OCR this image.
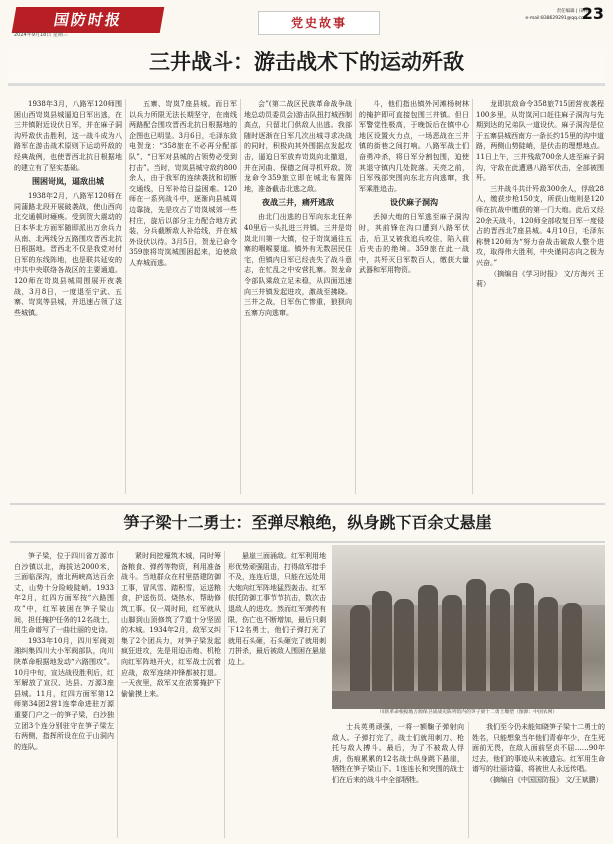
国防时报
2024年9月18日 星期三
党史故事
责任编辑 | 田林
e-mail:838629291@qq.com
23
三井战斗：游击战术下的运动歼敌

1938年3月，八路军120师围困山西岢岚县城逼迫日军出逃，在三井镇附近设伏日军，并在麻子洞沟歼敌伏击胜利，这一战斗成为八路军在游击战术原则下运动歼敌的经典战例，也使晋西北抗日根据地的建立有了坚实基础。

围困岢岚，逼敌出城

1938年2月，八路军120师在同蒲路北段开展破袭战，使山西向北交通顿时瘫痪。受到贺大震动的日本华北方面军随即派出万余兵力从南、北两线分五路围攻晋西北抗日根据地。晋西北不仅是我党对付日军的东线阵地，也是联共延安的中共中央联络各战区的主要通道。120师在岢岚县城周围展开夜袭战，3月8日，一度退至宁武、五寨、岢岚等县城，并迅速占领了这些城镇。

五寨、岢岚7座县城。而日军以兵力所限无法长期坚守，在南线两路配合围攻晋西北抗日根据地的企图也已明显。3月6日，毛泽东致电贺龙：“358旅在不必再分配部队”、“日军对县城的占领势必受到打击”。当时，岢岚县城守敌约800余人，由于我军的连续袭扰和切断交通线，日军补给日益困难。120师在一系列战斗中，逐渐向县城周边靠拢，先是攻占了岢岚城郊一些村庄，旋后以部分主力配合地方武装，分兵截断敌人补给线，并在城外设伏以待。3月5日，贺龙已命令359旅将岢岚城围困起来，迫使敌人弃城而逃。

会”(第二战区民族革命战争战地总动员委员会)游击队扭打城西制高点，只留北门供敌人出逃。我部随时逐渐在日军几次出城寻求决战的同时，积极向其外围据点发起攻击，逼迫日军放弃岢岚向北撤退，并在河曲、保德之间寻机歼敌。贺龙命令359旅立即在城北布置阵地，准备截击北逃之敌。

夜战三井，痛歼逃敌

由北门出逃的日军向东北狂奔40里后一头扎进三井镇。三井是岢岚北川第一大镇，位于岢岚通往五寨的咽喉要道。镇外有无数居民住宅，但镇内日军已经丧失了战斗意志，在忙乱之中安营扎寨。贺龙命令部队乘敌立足未稳，从四面迅速向三井镇发起进攻，激战至拂晓。三井之战，日军伤亡惨重，狼狈向五寨方向逃窜。

斗，他们指出镇外河滩杨树林的掩护即可直接包围三井镇。但日军警觉性极高，于晚饭后在镇中心地区设置火力点，一场恶战在三井镇的街巷之间打响。八路军战士们奋勇冲杀，将日军分割包围，迫使其退守镇内几处院落。天亮之前，日军残部突围向东北方向逃窜，我军乘胜追击。

设伏麻子洞沟

丢掉大炮的日军逃至麻子洞沟时，其前锋在沟口遭到八路军伏击，后卫又被我追兵咬住，陷入前后夹击的绝境。359旅在此一战中，共歼灭日军数百人，缴获大量武器和军用物资。

龙即抗敌命令358旅715团营夜袭程100多里，从岢岚河口赶往麻子洞沟与先期到达的兄弟队一道设伏。麻子洞沟是位于五寨县城西南方一条长约15里的沟中道路，两侧山势陡峭，是伏击的理想地点。11日上午，三井残敌700余人进至麻子洞沟，守敌在此遭遇八路军伏击，全部被围歼。

三井战斗共计歼敌300余人，俘敌28人，缴获步枪150支，所获山炮则是120师在抗战中缴获的第一门大炮。此后又经20余天战斗，120师全部收复日军一度侵占的晋西北7座县城。4月10日，毛泽东称赞120师为“努力奋战击破敌人整个进攻，取得伟大胜利，中央谨同志向之极为兴奋。”

（摘编自《学习时报》 文/方海兴 王莉）

笋子梁十二勇士：至弹尽粮绝，纵身跳下百余丈悬崖

笋子梁，位于四川省万源市白沙镇以北，海拔达2000米，三面临深沟，南北两峡高达百余丈，山势十分险峻陡峭。1933年2月，红四方面军按“六路围攻”中，红军被困在笋子梁山间，担任掩护任务的12名战士，用生命谱写了一曲壮丽的史诗。

1933年10月，四川军阀刘湘纠集四川大小军阀部队，向川陕革命根据地发动“六路围攻”。10月中旬，宣达战役胜利后，红军解放了宣汉、达县、万源3座县城。11月，红四方面军第12师第34团2营1连奉命进驻万源重要门户之一的笋子梁，白沙独立团3个连分别驻守在笋子梁左右两侧，指挥所设在位于山洞内的连队。

紧时间挖壕筑木城，同时筹备粮食、弹药等物资，利用准备战斗。当地群众在村里搭建防御工事，冒风雪、踏积雪，运送粮食，护送伤员、烧热水，帮助修筑工事。仅一周时间，红军就从山脚到山顶修筑了7道十分坚固的木城。1934年2月，敌军又纠集了2个团兵力，对笋子梁发起疯狂进攻，先是用迫击炮、机枪向红军阵地开火，红军战士沉着应战，敌军连续冲锋都被打退。一天夜里，敌军又在浓雾掩护下偷偷摸上来。

悬崖三面涌敌。红军利用地形优势顽强阻击，打得敌军措手不及，连连后退，只能在远处用大炮向红军阵地猛烈轰击。红军依托防御工事节节抗击，数次击退敌人的进攻。然而红军弹药有限，伤亡也不断增加，最后只剩下12名勇士，他们子弹打光了就用石头砸，石头砸完了就用刺刀拼杀，最后被敌人围困在悬崖边上。

川陕革命根据地万源保卫战战史陈列馆内的笋子梁十二勇士雕塑（图源：中国农网）

士兵英勇顽强，一将一额鞠子弹射向敌人。子弹打完了，战士们就用刺刀、枪托与敌人搏斗。最后，为了不被敌人俘虏，伤痕累累的12名战士纵身跳下悬崖，牺牲在笋子梁山下。1连连长和突围的战士们在后来的战斗中全部牺牲。

我们至今仍未能知晓笋子梁十二勇士的姓名，只能想象当年他们青春年少，在生死面前无畏，在敌人面前坚贞不屈……90年过去，他们的事迹从未被遗忘。红军用生命谱写的壮丽诗篇，将被世人永远传唱。

（摘编自《中国国防报》 文/王斌鹏）
